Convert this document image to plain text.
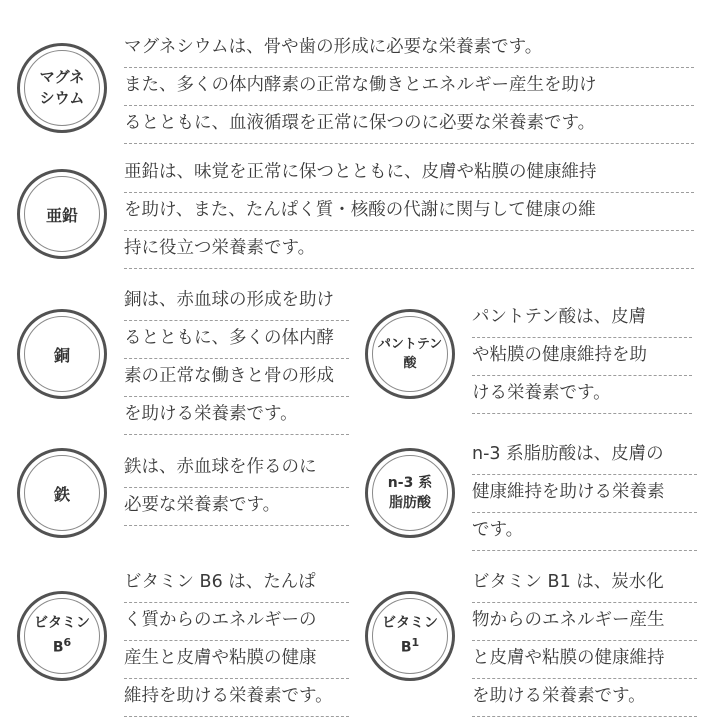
マグネ
シウム
マグネシウムは、骨や歯の形成に必要な栄養素です。
また、多くの体内酵素の正常な働きとエネルギー産生を助け
るとともに、血液循環を正常に保つのに必要な栄養素です。
亜鉛
亜鉛は、味覚を正常に保つとともに、皮膚や粘膜の健康維持
を助け、また、たんぱく質・核酸の代謝に関与して健康の維
持に役立つ栄養素です。
銅
銅は、赤血球の形成を助け
るとともに、多くの体内酵
素の正常な働きと骨の形成
を助ける栄養素です。
パントテン
酸
パントテン酸は、皮膚
や粘膜の健康維持を助
ける栄養素です。
鉄
鉄は、赤血球を作るのに
必要な栄養素です。
n-3 系
脂肪酸
n-3 系脂肪酸は、皮膚の
健康維持を助ける栄養素
です。
ビタミン
$B^6$
ビタミン B6 は、たんぱ
く質からのエネルギーの
産生と皮膚や粘膜の健康
維持を助ける栄養素です。
ビタミン
$B^1$
ビタミン B1 は、炭水化
物からのエネルギー産生
と皮膚や粘膜の健康維持
を助ける栄養素です。
